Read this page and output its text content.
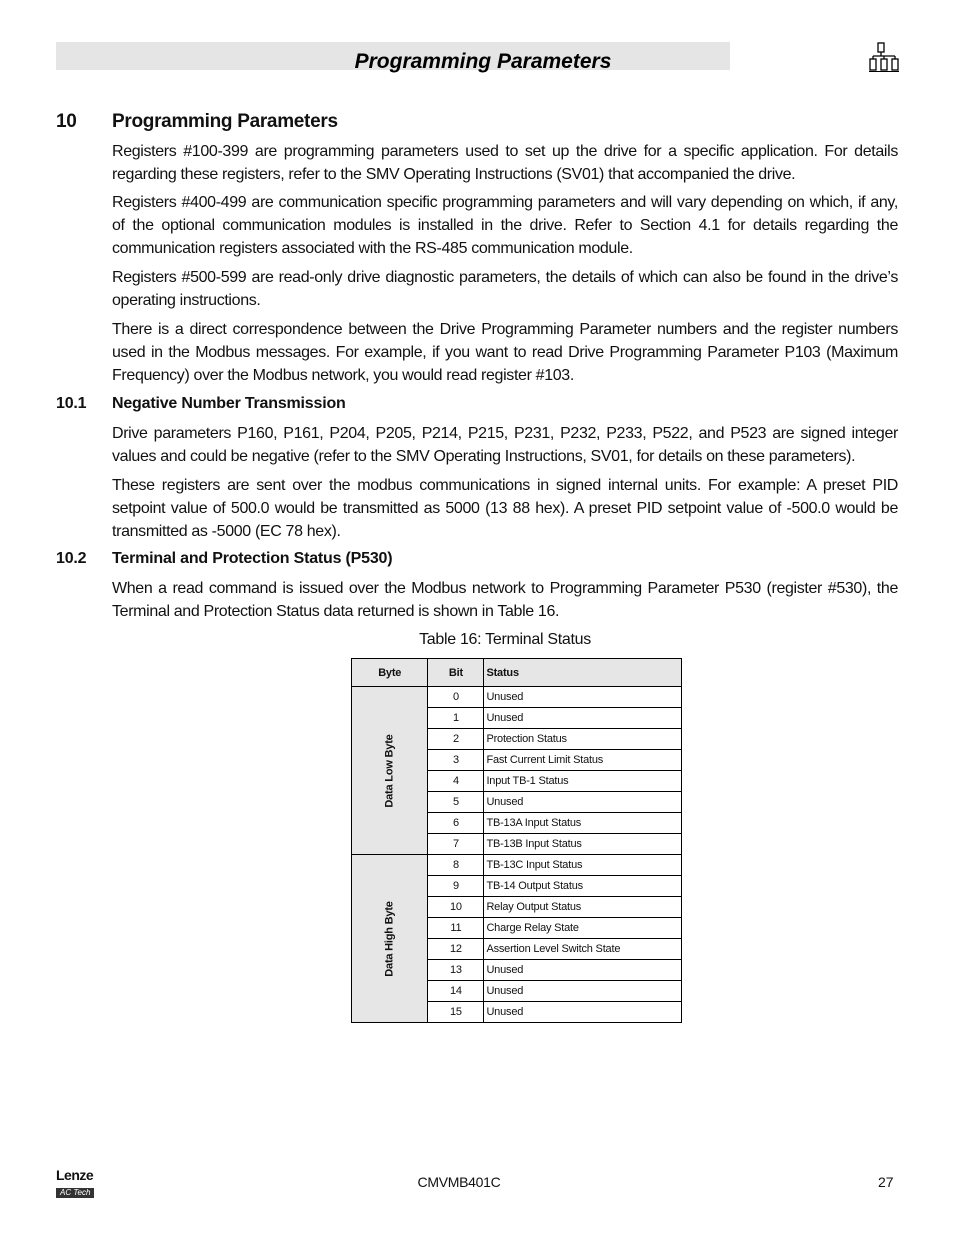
Programming Parameters
10 Programming Parameters
Registers #100-399 are programming parameters used to set up the drive for a specific application. For details regarding these registers, refer to the SMV Operating Instructions (SV01) that accompanied the drive.
Registers #400-499 are communication specific programming parameters and will vary depending on which, if any, of the optional communication modules is installed in the drive. Refer to Section 4.1 for details regarding the communication registers associated with the RS-485 communication module.
Registers #500-599 are read-only drive diagnostic parameters, the details of which can also be found in the drive’s operating instructions.
There is a direct correspondence between the Drive Programming Parameter numbers and the register numbers used in the Modbus messages. For example, if you want to read Drive Programming Parameter P103 (Maximum Frequency) over the Modbus network, you would read register #103.
10.1 Negative Number Transmission
Drive parameters P160, P161, P204, P205, P214, P215, P231, P232, P233, P522, and P523 are signed integer values and could be negative (refer to the SMV Operating Instructions, SV01, for details on these parameters).
These registers are sent over the modbus communications in signed internal units. For example: A preset PID setpoint value of 500.0 would be transmitted as 5000 (13 88 hex). A preset PID setpoint value of -500.0 would be transmitted as -5000 (EC 78 hex).
10.2 Terminal and Protection Status (P530)
When a read command is issued over the Modbus network to Programming Parameter P530 (register #530), the Terminal and Protection Status data returned is shown in Table 16.
Table 16: Terminal Status
Byte	Bit	Status
Data Low Byte	0	Unused
	1	Unused
	2	Protection Status
	3	Fast Current Limit Status
	4	Input TB-1 Status
	5	Unused
	6	TB-13A Input Status
	7	TB-13B Input Status
Data High Byte	8	TB-13C Input Status
	9	TB-14 Output Status
	10	Relay Output Status
	11	Charge Relay State
	12	Assertion Level Switch State
	13	Unused
	14	Unused
	15	Unused
Lenze
AC Tech
CMVMB401C	27
